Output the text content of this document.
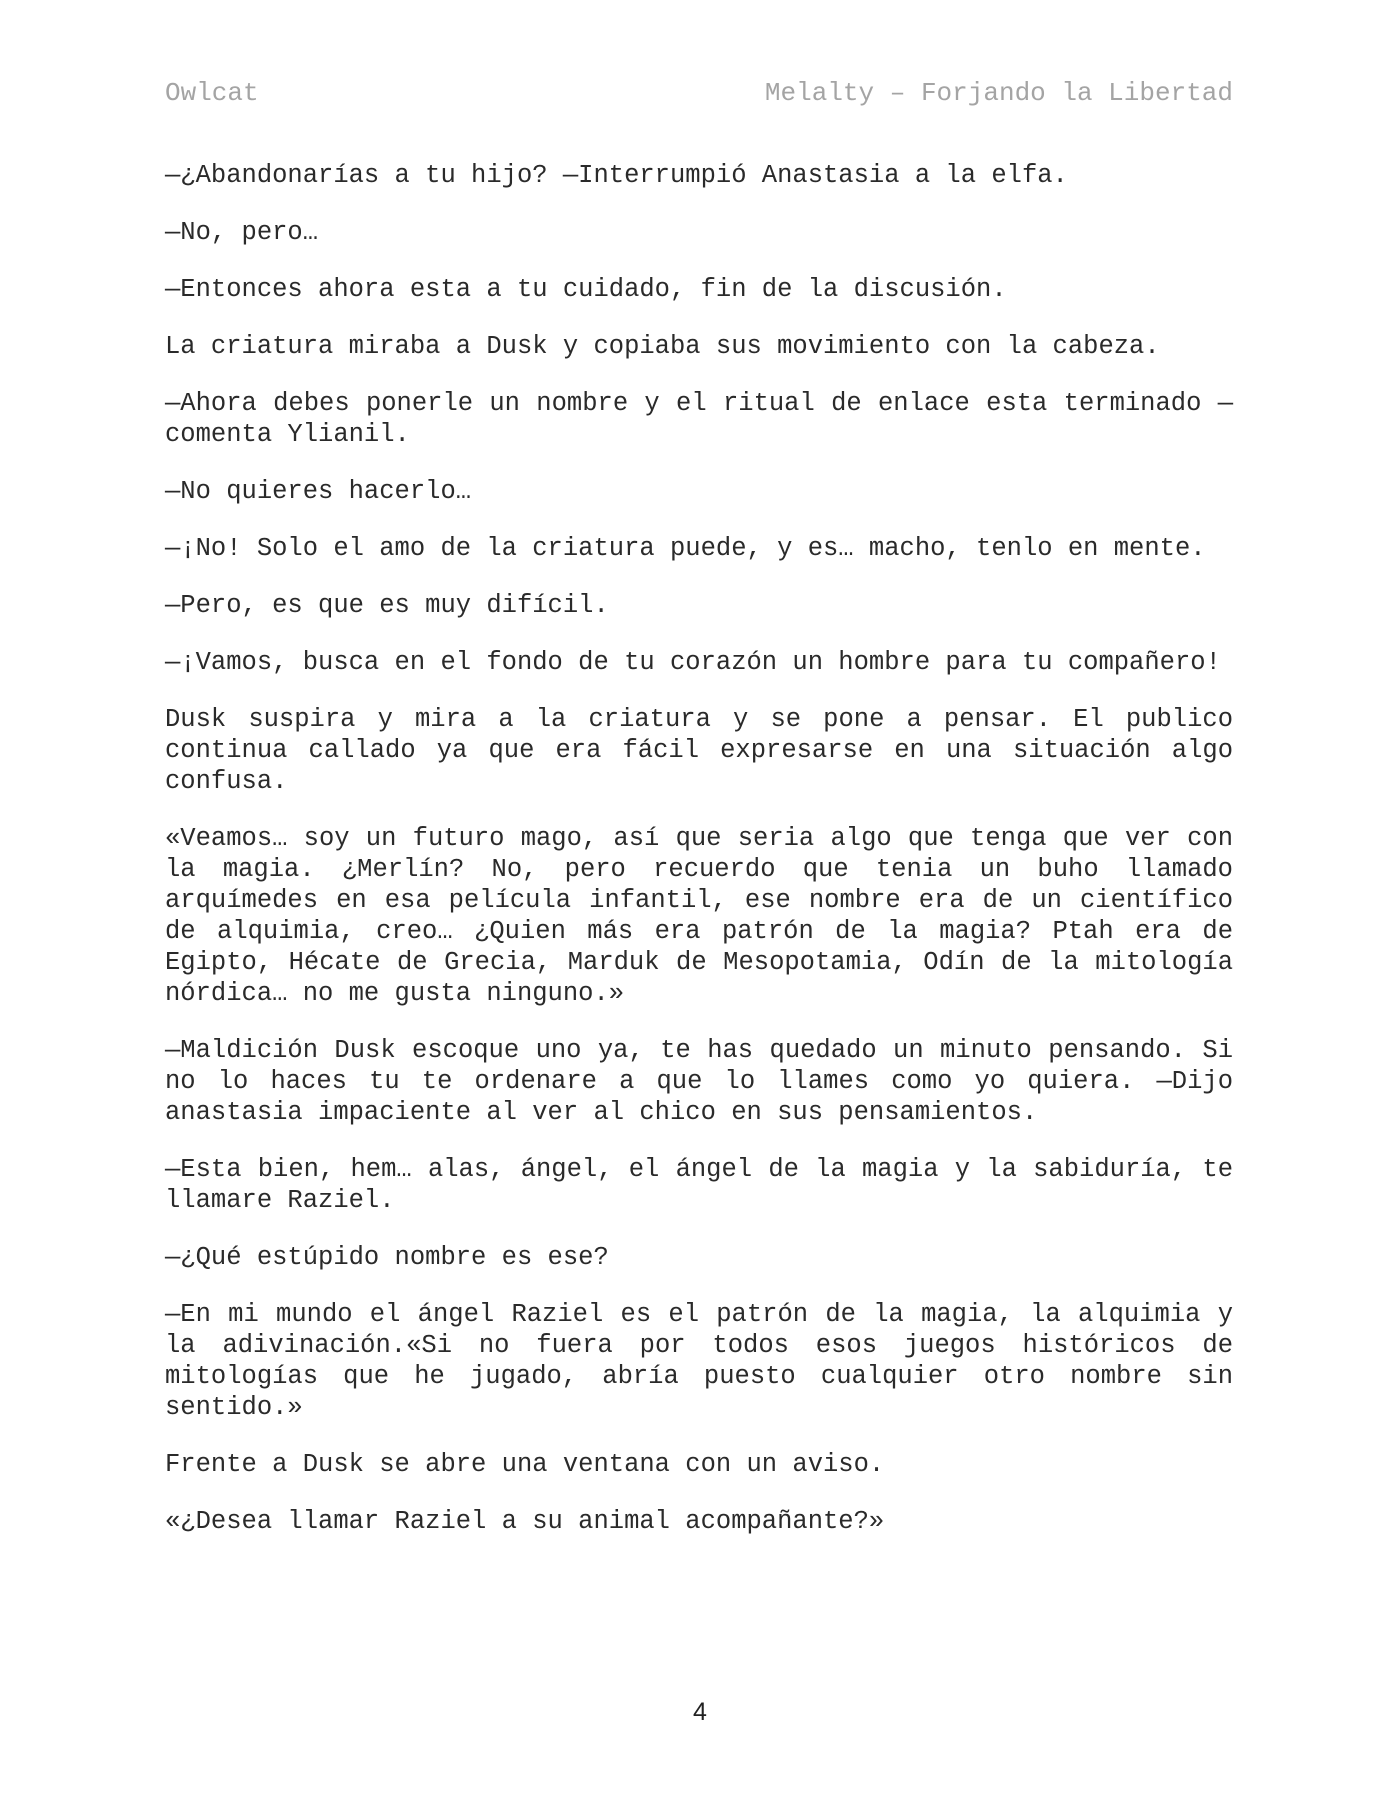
Owlcat	Melalty – Forjando la Libertad

—¿Abandonarías a tu hijo? —Interrumpió Anastasia a la elfa.

—No, pero…

—Entonces ahora esta a tu cuidado, fin de la discusión.

La criatura miraba a Dusk y copiaba sus movimiento con la cabeza.

—Ahora debes ponerle un nombre y el ritual de enlace esta terminado —comenta Ylianil.

—No quieres hacerlo…

—¡No! Solo el amo de la criatura puede, y es… macho, tenlo en mente.

—Pero, es que es muy difícil.

—¡Vamos, busca en el fondo de tu corazón un hombre para tu compañero!

Dusk suspira y mira a la criatura y se pone a pensar. El publico continua callado ya que era fácil expresarse en una situación algo confusa.

«Veamos… soy un futuro mago, así que seria algo que tenga que ver con la magia. ¿Merlín? No, pero recuerdo que tenia un buho llamado arquímedes en esa película infantil, ese nombre era de un científico de alquimia, creo… ¿Quien más era patrón de la magia? Ptah era de Egipto, Hécate de Grecia, Marduk de Mesopotamia, Odín de la mitología nórdica… no me gusta ninguno.»

—Maldición Dusk escoque uno ya, te has quedado un minuto pensando. Si no lo haces tu te ordenare a que lo llames como yo quiera. —Dijo anastasia impaciente al ver al chico en sus pensamientos.

—Esta bien, hem… alas, ángel, el ángel de la magia y la sabiduría, te llamare Raziel.

—¿Qué estúpido nombre es ese?

—En mi mundo el ángel Raziel es el patrón de la magia, la alquimia y la adivinación.«Si no fuera por todos esos juegos históricos de mitologías que he jugado, abría puesto cualquier otro nombre sin sentido.»

Frente a Dusk se abre una ventana con un aviso.

«¿Desea llamar Raziel a su animal acompañante?»

4
